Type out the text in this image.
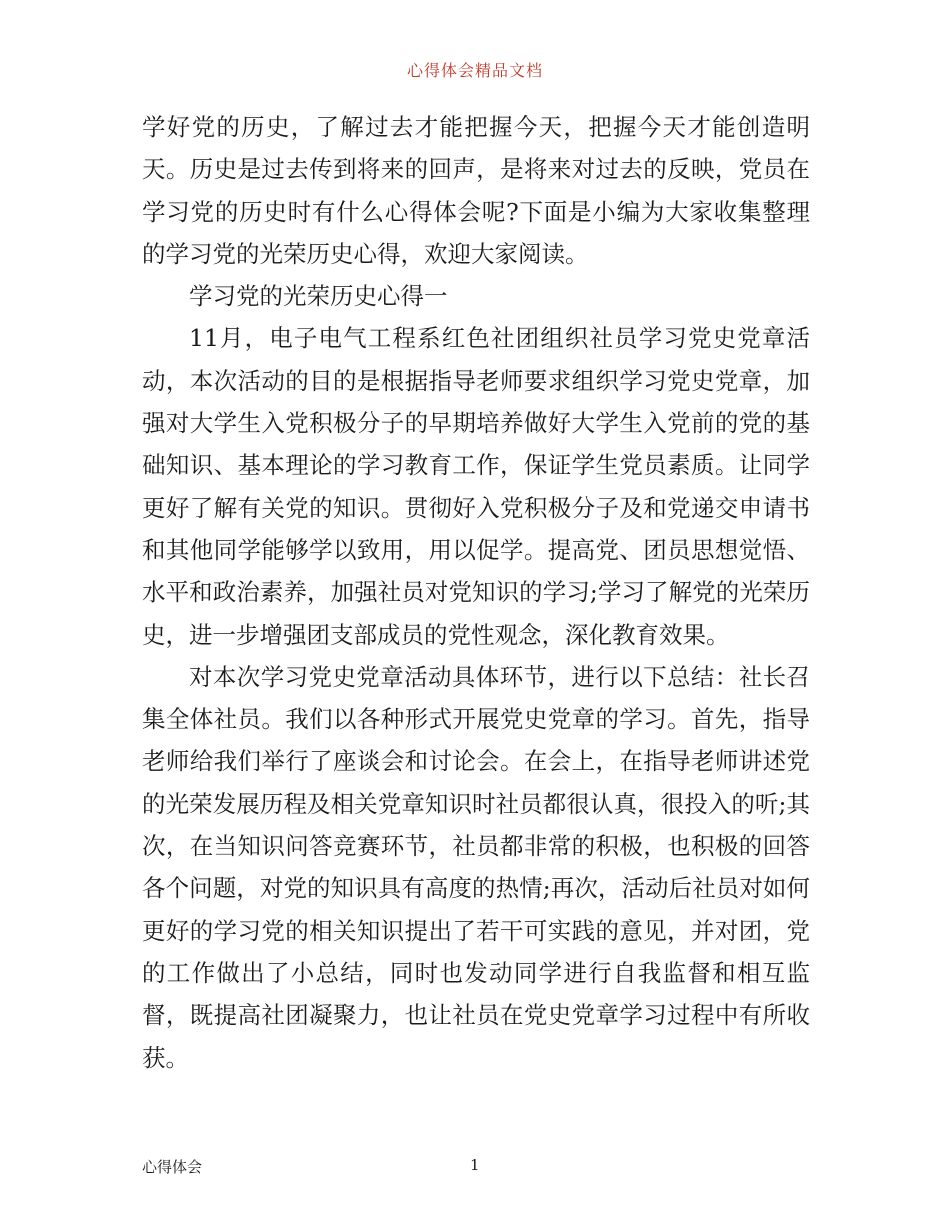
心得体会精品文档

学好党的历史，了解过去才能把握今天，把握今天才能创造明天。历史是过去传到将来的回声，是将来对过去的反映，党员在学习党的历史时有什么心得体会呢?下面是小编为大家收集整理的学习党的光荣历史心得，欢迎大家阅读。

学习党的光荣历史心得一

11月，电子电气工程系红色社团组织社员学习党史党章活动，本次活动的目的是根据指导老师要求组织学习党史党章，加强对大学生入党积极分子的早期培养做好大学生入党前的党的基础知识、基本理论的学习教育工作，保证学生党员素质。让同学更好了解有关党的知识。贯彻好入党积极分子及和党递交申请书和其他同学能够学以致用，用以促学。提高党、团员思想觉悟、水平和政治素养，加强社员对党知识的学习;学习了解党的光荣历史，进一步增强团支部成员的党性观念，深化教育效果。

对本次学习党史党章活动具体环节，进行以下总结：社长召集全体社员。我们以各种形式开展党史党章的学习。首先，指导老师给我们举行了座谈会和讨论会。在会上，在指导老师讲述党的光荣发展历程及相关党章知识时社员都很认真，很投入的听;其次，在当知识问答竞赛环节，社员都非常的积极，也积极的回答各个问题，对党的知识具有高度的热情;再次，活动后社员对如何更好的学习党的相关知识提出了若干可实践的意见，并对团，党的工作做出了小总结，同时也发动同学进行自我监督和相互监督，既提高社团凝聚力，也让社员在党史党章学习过程中有所收获。

心得体会	1
